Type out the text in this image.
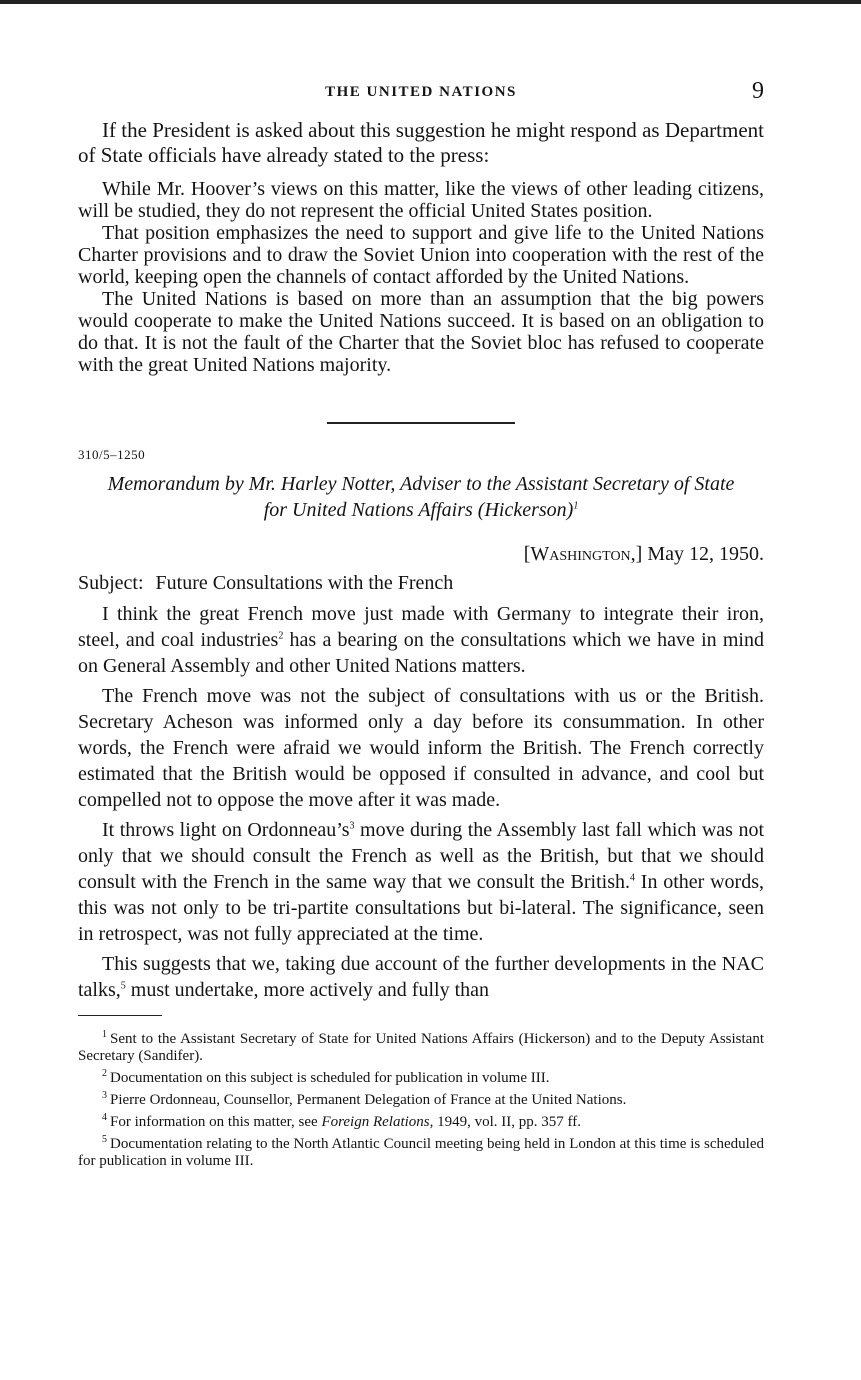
THE UNITED NATIONS	9

If the President is asked about this suggestion he might respond as Department of State officials have already stated to the press:

While Mr. Hoover’s views on this matter, like the views of other leading citizens, will be studied, they do not represent the official United States position.

That position emphasizes the need to support and give life to the United Nations Charter provisions and to draw the Soviet Union into cooperation with the rest of the world, keeping open the channels of contact afforded by the United Nations.

The United Nations is based on more than an assumption that the big powers would cooperate to make the United Nations succeed. It is based on an obligation to do that. It is not the fault of the Charter that the Soviet bloc has refused to cooperate with the great United Nations majority.

310/5–1250
Memorandum by Mr. Harley Notter, Adviser to the Assistant Secretary of State for United Nations Affairs (Hickerson)$^1$
[Washington,] May 12, 1950.
Subject: Future Consultations with the French

I think the great French move just made with Germany to integrate their iron, steel, and coal industries$^2$ has a bearing on the consultations which we have in mind on General Assembly and other United Nations matters.

The French move was not the subject of consultations with us or the British. Secretary Acheson was informed only a day before its consummation. In other words, the French were afraid we would inform the British. The French correctly estimated that the British would be opposed if consulted in advance, and cool but compelled not to oppose the move after it was made.

It throws light on $Ordonneau’s^3$ move during the Assembly last fall which was not only that we should consult the French as well as the British, but that we should consult with the French in the same way that we consult the British.$^4$ In other words, this was not only to be tri-partite consultations but bi-lateral. The significance, seen in retrospect, was not fully appreciated at the time.

This suggests that we, taking due account of the further developments in the NAC talks,$^5$ must undertake, more actively and fully than

$^1$ Sent to the Assistant Secretary of State for United Nations Affairs (Hickerson) and to the Deputy Assistant Secretary (Sandifer).

$^2$ Documentation on this subject is scheduled for publication in volume III.

$^3$ Pierre Ordonneau, Counsellor, Permanent Delegation of France at the United Nations.

$^4$ For information on this matter, see Foreign Relations, 1949, vol. II, pp. 357 ff.

$^5$ Documentation relating to the North Atlantic Council meeting being held in London at this time is scheduled for publication in volume III.
